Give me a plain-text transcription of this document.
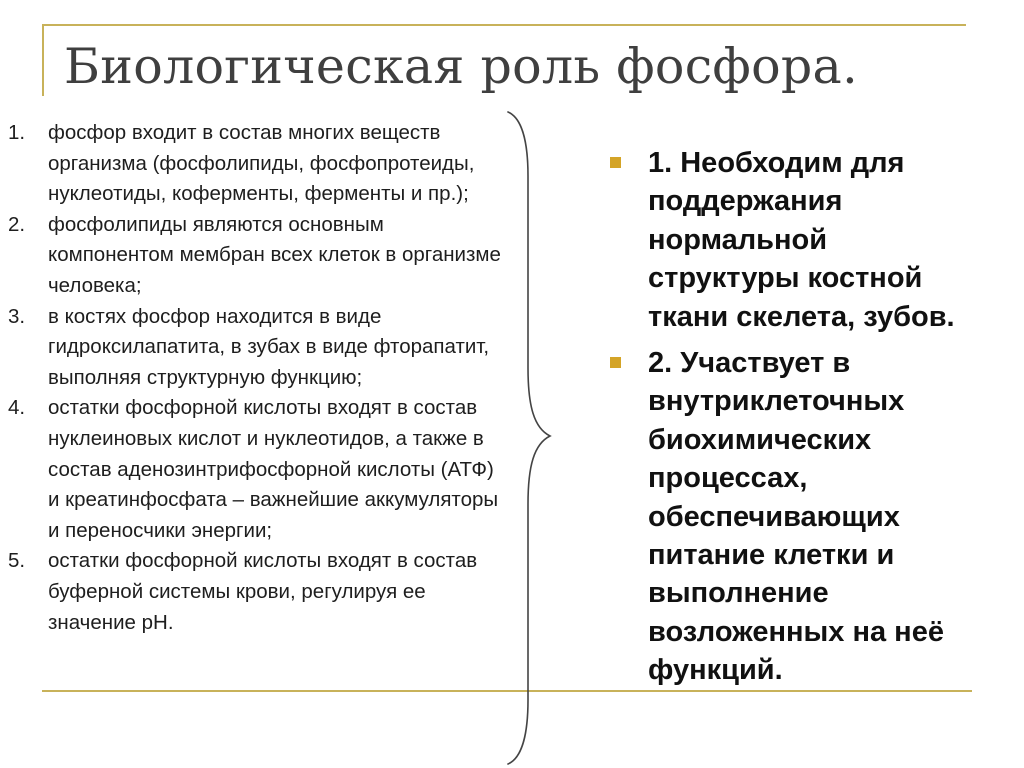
Биологическая роль фосфора.
1. фосфор входит в состав многих веществ организма (фосфолипиды, фосфопротеиды, нуклеотиды, коферменты, ферменты и пр.);
2. фосфолипиды являются основным компонентом мембран всех клеток в организме человека;
3. в костях фосфор находится в виде гидроксилапатита, в зубах в виде фторапатит, выполняя структурную функцию;
4. остатки фосфорной кислоты входят в состав нуклеиновых кислот и нуклеотидов, а также в состав аденозинтрифосфорной кислоты (АТФ) и креатинфосфата – важнейшие аккумуляторы и переносчики энергии;
5. остатки фосфорной кислоты входят в состав буферной системы крови, регулируя ее значение pH.
1. Необходим для поддержания нормальной структуры костной ткани скелета, зубов.
2. Участвует в внутриклеточных биохимических процессах, обеспечивающих питание клетки и выполнение возложенных на неё функций.
